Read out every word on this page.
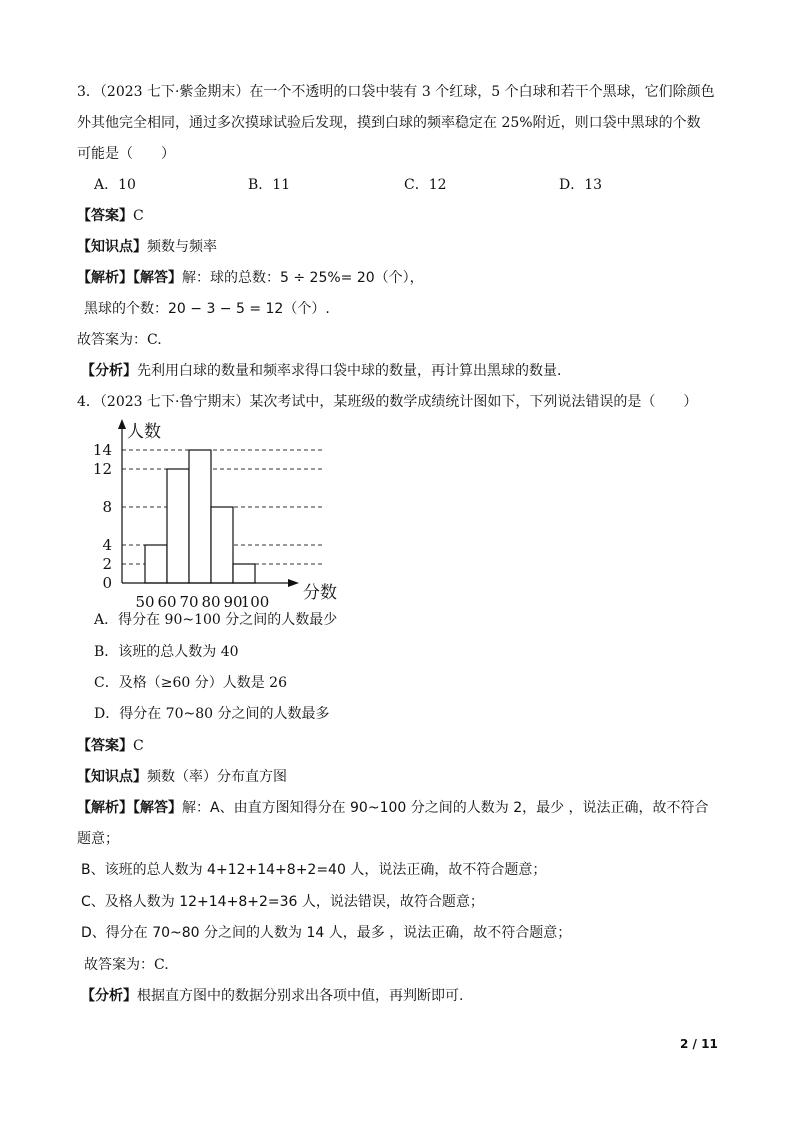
3．（2023 七下·紫金期末）在一个不透明的口袋中装有 3 个红球，5 个白球和若干个黑球，它们除颜色
外其他完全相同，通过多次摸球试验后发现，摸到白球的频率稳定在 25%附近，则口袋中黑球的个数
可能是（　　）
A．10	B．11	C．12	D．13
【答案】C
【知识点】频数与频率
【解析】【解答】解：球的总数：5 ÷ 25%= 20（个），
黑球的个数：20 − 3 − 5 = 12（个）.
故答案为：C.
【分析】先利用白球的数量和频率求得口袋中球的数量，再计算出黑球的数量.
4．（2023 七下·鲁宁期末）某次考试中，某班级的数学成绩统计图如下，下列说法错误的是（　　）
0
2
4
8
12
14
50 60 70 80 90
100
人数
分数
A．得分在 90~100 分之间的人数最少
B．该班的总人数为 40
C．及格（≥60 分）人数是 26
D．得分在 70~80 分之间的人数最多
【答案】C
【知识点】频数（率）分布直方图
【解析】【解答】解：A、由直方图知得分在 90~100 分之间的人数为 2，最少 ，说法正确，故不符合
题意；
B、该班的总人数为 4+12+14+8+2=40 人，说法正确，故不符合题意；
C、及格人数为 12+14+8+2=36 人，说法错误，故符合题意；
D、得分在 70~80 分之间的人数为 14 人，最多 ，说法正确，故不符合题意；
故答案为：C.
【分析】根据直方图中的数据分别求出各项中值，再判断即可.
2 / 11
